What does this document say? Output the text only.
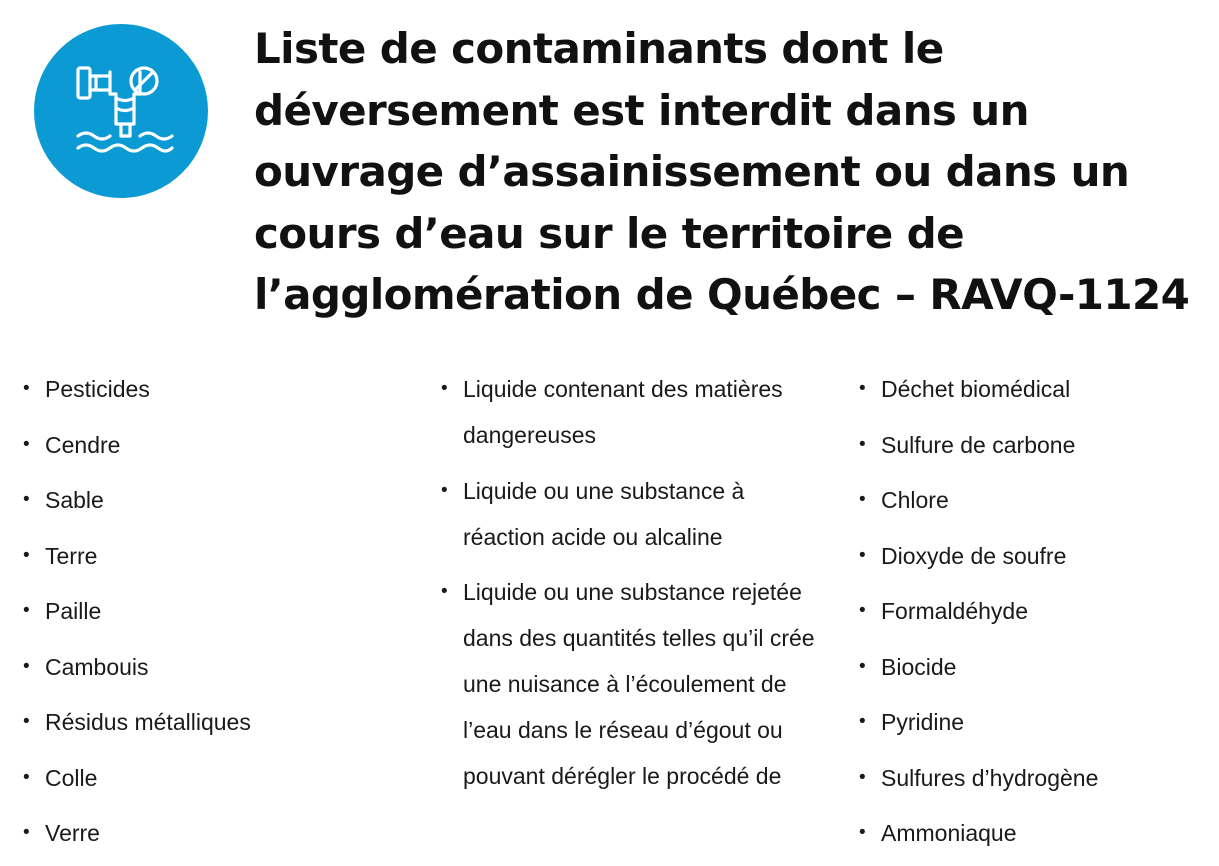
Liste de contaminants dont le déversement est interdit dans un ouvrage d’assainissement ou dans un cours d’eau sur le territoire de l’agglomération de Québec – RAVQ-1124
• Pesticides
• Cendre
• Sable
• Terre
• Paille
• Cambouis
• Résidus métalliques
• Colle
• Verre
• Liquide contenant des matières dangereuses
• Liquide ou une substance à réaction acide ou alcaline
• Liquide ou une substance rejetée dans des quantités telles qu’il crée une nuisance à l’écoulement de l’eau dans le réseau d’égout ou pouvant dérégler le procédé de
• Déchet biomédical
• Sulfure de carbone
• Chlore
• Dioxyde de soufre
• Formaldéhyde
• Biocide
• Pyridine
• Sulfures d’hydrogène
• Ammoniaque
